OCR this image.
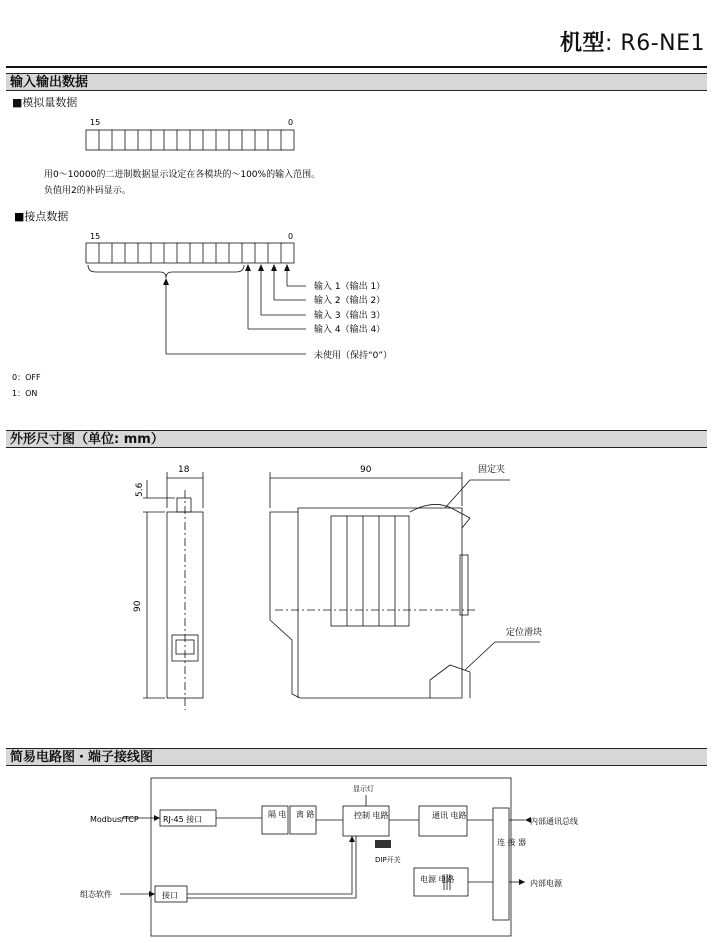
机型: R6-NE1
输入输出数据
■模拟量数据
15	0
用0～10000的二进制数据显示设定在各模块的～100%的输入范围。
负值用2的补码显示。
■接点数据
15	0
输入 1（输出 1）
输入 2（输出 2）
输入 3（输出 3）
输入 4（输出 4）
未使用（保持“0”）
0：OFF
1：ON
外形尺寸图（单位: mm）
18
5.6
90
90	固定夹
定位滑块
简易电路图・端子接线图
Modbus/TCP	RJ-45 接口
隔 电 离 路	控制 电路	通讯 电路
显示灯
DIP开关
电源 电路
连 接 器
内部通讯总线
内部电源
组态软件	接口
